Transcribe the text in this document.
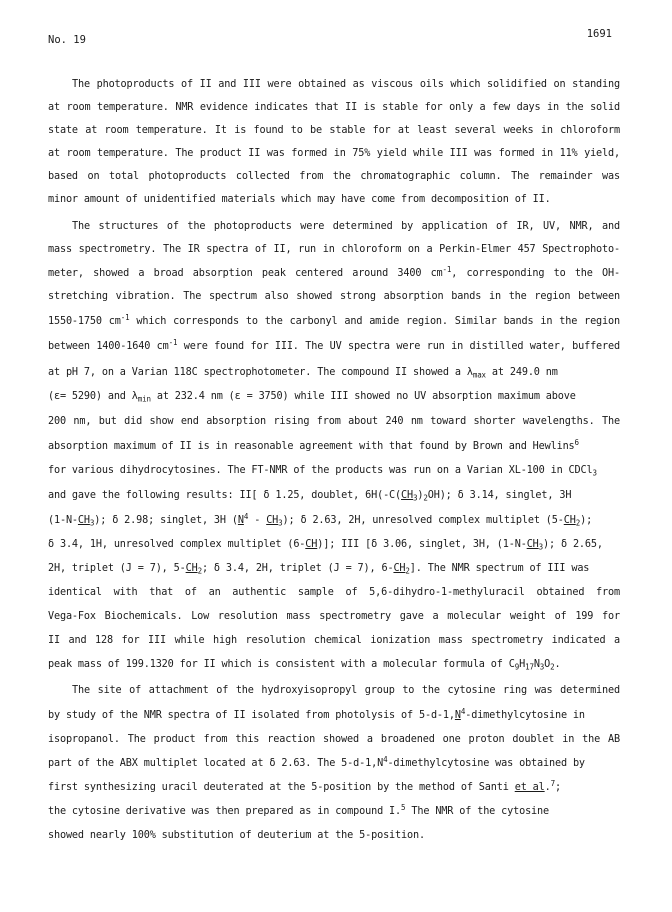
No. 19	1691
The photoproducts of II and III were obtained as viscous oils which solidified on standing
at room temperature. NMR evidence indicates that II is stable for only a few days in the solid
state at room temperature. It is found to be stable for at least several weeks in chloroform
at room temperature. The product II was formed in 75% yield while III was formed in 11% yield,
based on total photoproducts collected from the chromatographic column. The remainder was
minor amount of unidentified materials which may have come from decomposition of II.
The structures of the photoproducts were determined by application of IR, UV, NMR, and
mass spectrometry. The IR spectra of II, run in chloroform on a Perkin-Elmer 457 Spectrophoto-
meter, showed a broad absorption peak centered around 3400 $cm^{-1}$, corresponding to the OH-
stretching vibration. The spectrum also showed strong absorption bands in the region between
1550-1750 $cm^{-1}$ which corresponds to the carbonyl and amide region. Similar bands in the region
between 1400-1640 $cm^{-1}$ were found for III. The UV spectra were run in distilled water, buffered
at pH 7, on a Varian 118C spectrophotometer. The compound II showed a $\lambda_{max}$ at 249.0 nm
(ε= 5290) and $\lambda_{min}$ at 232.4 nm (ε = 3750) while III showed no UV absorption maximum above
200 nm, but did show end absorption rising from about 240 nm toward shorter wavelengths. The
absorption maximum of II is in reasonable agreement with that found by Brown and Hewlins$^6$
for various dihydrocytosines. The FT-NMR of the products was run on a Varian XL-100 in CDCl$_3$
and gave the following results: II[ δ 1.25, doublet, $6H(-C(CH_3)_2OH)$; δ 3.14, singlet, 3H
$(1-N-CH_3)$; δ 2.98; singlet, 3H $(N^4 - CH_3)$; δ 2.63, 2H, unresolved complex multiplet $(5-CH_2)$;
δ 3.4, 1H, unresolved complex multiplet (6-CH)]; III [δ 3.06, singlet, 3H, $(1-N-CH_3)$; δ 2.65,
2H, triplet (J = 7), $5-CH_2$; δ 3.4, 2H, triplet (J = 7), $6-CH_2$]. The NMR spectrum of III was
identical with that of an authentic sample of 5,6-dihydro-1-methyluracil obtained from
Vega-Fox Biochemicals. Low resolution mass spectrometry gave a molecular weight of 199 for
II and 128 for III while high resolution chemical ionization mass spectrometry indicated a
peak mass of 199.1320 for II which is consistent with a molecular formula of $C_9H_{17}N_3O_2$.
The site of attachment of the hydroxyisopropyl group to the cytosine ring was determined
by study of the NMR spectra of II isolated from photolysis of $5-d-1,N^4$-dimethylcytosine in
isopropanol. The product from this reaction showed a broadened one proton doublet in the AB
part of the ABX multiplet located at δ 2.63. The $5-d-1,N^4$-dimethylcytosine was obtained by
first synthesizing uracil deuterated at the 5-position by the method of Santi et al.$^7$;
the cytosine derivative was then prepared as in compound I.$^5$ The NMR of the cytosine
showed nearly 100% substitution of deuterium at the 5-position.
